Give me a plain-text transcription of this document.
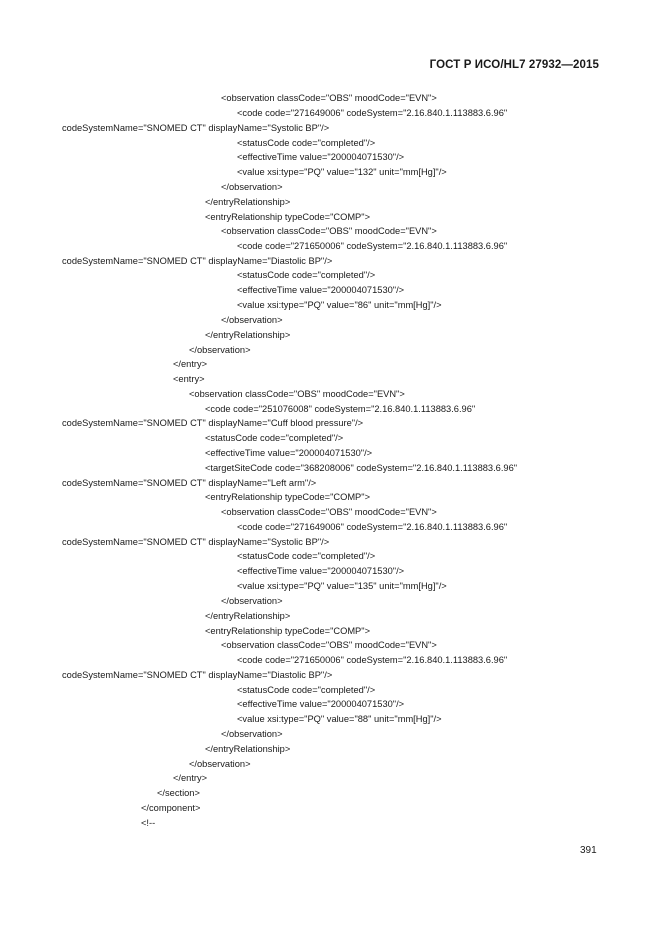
ГОСТ Р ИСО/HL7 27932—2015
<observation classCode="OBS" moodCode="EVN">
<code code="271649006" codeSystem="2.16.840.1.113883.6.96"
codeSystemName="SNOMED CT" displayName="Systolic BP"/>
<statusCode code="completed"/>
<effectiveTime value="200004071530"/>
<value xsi:type="PQ" value="132" unit="mm[Hg]"/>
</observation>
</entryRelationship>
<entryRelationship typeCode="COMP">
<observation classCode="OBS" moodCode="EVN">
<code code="271650006" codeSystem="2.16.840.1.113883.6.96"
codeSystemName="SNOMED CT" displayName="Diastolic BP"/>
<statusCode code="completed"/>
<effectiveTime value="200004071530"/>
<value xsi:type="PQ" value="86" unit="mm[Hg]"/>
</observation>
</entryRelationship>
</observation>
</entry>
<entry>
<observation classCode="OBS" moodCode="EVN">
<code code="251076008" codeSystem="2.16.840.1.113883.6.96"
codeSystemName="SNOMED CT" displayName="Cuff blood pressure"/>
<statusCode code="completed"/>
<effectiveTime value="200004071530"/>
<targetSiteCode code="368208006" codeSystem="2.16.840.1.113883.6.96"
codeSystemName="SNOMED CT" displayName="Left arm"/>
<entryRelationship typeCode="COMP">
<observation classCode="OBS" moodCode="EVN">
<code code="271649006" codeSystem="2.16.840.1.113883.6.96"
codeSystemName="SNOMED CT" displayName="Systolic BP"/>
<statusCode code="completed"/>
<effectiveTime value="200004071530"/>
<value xsi:type="PQ" value="135" unit="mm[Hg]"/>
</observation>
</entryRelationship>
<entryRelationship typeCode="COMP">
<observation classCode="OBS" moodCode="EVN">
<code code="271650006" codeSystem="2.16.840.1.113883.6.96"
codeSystemName="SNOMED CT" displayName="Diastolic BP"/>
<statusCode code="completed"/>
<effectiveTime value="200004071530"/>
<value xsi:type="PQ" value="88" unit="mm[Hg]"/>
</observation>
</entryRelationship>
</observation>
</entry>
</section>
</component>
<!--
391
